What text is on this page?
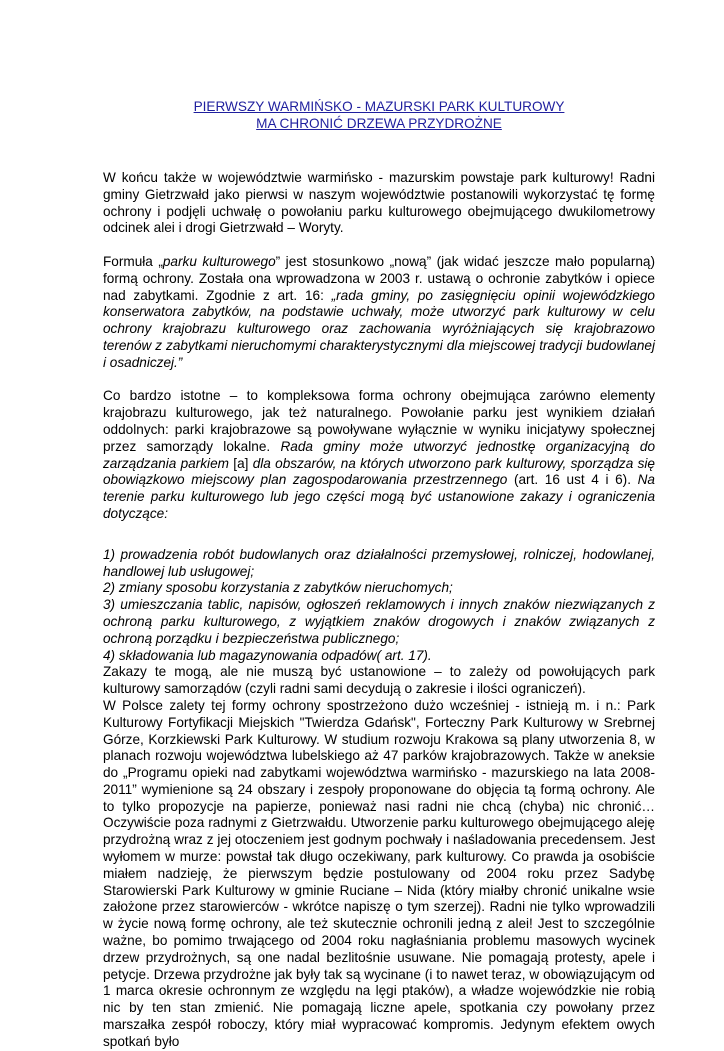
PIERWSZY WARMIŃSKO - MAZURSKI PARK KULTUROWY
MA CHRONIĆ DRZEWA PRZYDROŻNE

W końcu także w województwie warmińsko - mazurskim powstaje park kulturowy! Radni gminy Gietrzwałd jako pierwsi w naszym województwie postanowili wykorzystać tę formę ochrony i podjęli uchwałę o powołaniu parku kulturowego obejmującego dwukilometrowy odcinek alei i drogi Gietrzwałd – Woryty.

Formuła „parku kulturowego” jest stosunkowo „nową” (jak widać jeszcze mało popularną) formą ochrony. Została ona wprowadzona w 2003 r. ustawą o ochronie zabytków i opiece nad zabytkami. Zgodnie z art. 16: „rada gminy, po zasięgnięciu opinii wojewódzkiego konserwatora zabytków, na podstawie uchwały, może utworzyć park kulturowy w celu ochrony krajobrazu kulturowego oraz zachowania wyróżniających się krajobrazowo terenów z zabytkami nieruchomymi charakterystycznymi dla miejscowej tradycji budowlanej i osadniczej.”

Co bardzo istotne – to kompleksowa forma ochrony obejmująca zarówno elementy krajobrazu kulturowego, jak też naturalnego. Powołanie parku jest wynikiem działań oddolnych: parki krajobrazowe są powoływane wyłącznie w wyniku inicjatywy społecznej przez samorządy lokalne. Rada gminy może utworzyć jednostkę organizacyjną do zarządzania parkiem [a] dla obszarów, na których utworzono park kulturowy, sporządza się obowiązkowo miejscowy plan zagospodarowania przestrzennego (art. 16 ust 4 i 6). Na terenie parku kulturowego lub jego części mogą być ustanowione zakazy i ograniczenia dotyczące:

1) prowadzenia robót budowlanych oraz działalności przemysłowej, rolniczej, hodowlanej, handlowej lub usługowej;

2) zmiany sposobu korzystania z zabytków nieruchomych;

3) umieszczania tablic, napisów, ogłoszeń reklamowych i innych znaków niezwiązanych z ochroną parku kulturowego, z wyjątkiem znaków drogowych i znaków związanych z ochroną porządku i bezpieczeństwa publicznego;

4) składowania lub magazynowania odpadów( art. 17).

Zakazy te mogą, ale nie muszą być ustanowione – to zależy od powołujących park kulturowy samorządów (czyli radni sami decydują o zakresie i ilości ograniczeń).

W Polsce zalety tej formy ochrony spostrzeżono dużo wcześniej - istnieją m. i n.: Park Kulturowy Fortyfikacji Miejskich "Twierdza Gdańsk", Forteczny Park Kulturowy w Srebrnej Górze, Korzkiewski Park Kulturowy. W studium rozwoju Krakowa są plany utworzenia 8, w planach rozwoju województwa lubelskiego aż 47 parków krajobrazowych. Także w aneksie do „Programu opieki nad zabytkami województwa warmińsko - mazurskiego na lata 2008-2011” wymienione są 24 obszary i zespoły proponowane do objęcia tą formą ochrony. Ale to tylko propozycje na papierze, ponieważ nasi radni nie chcą (chyba) nic chronić… Oczywiście poza radnymi z Gietrzwałdu. Utworzenie parku kulturowego obejmującego aleję przydrożną wraz z jej otoczeniem jest godnym pochwały i naśladowania precedensem. Jest wyłomem w murze: powstał tak długo oczekiwany, park kulturowy. Co prawda ja osobiście miałem nadzieję, że pierwszym będzie postulowany od 2004 roku przez Sadybę Starowierski Park Kulturowy w gminie Ruciane – Nida (który miałby chronić unikalne wsie założone przez starowierców - wkrótce napiszę o tym szerzej). Radni nie tylko wprowadzili w życie nową formę ochrony, ale też skutecznie ochronili jedną z alei! Jest to szczególnie ważne, bo pomimo trwającego od 2004 roku nagłaśniania problemu masowych wycinek drzew przydrożnych, są one nadal bezlitośnie usuwane. Nie pomagają protesty, apele i petycje. Drzewa przydrożne jak były tak są wycinane (i to nawet teraz, w obowiązującym od 1 marca okresie ochronnym ze względu na lęgi ptaków), a władze wojewódzkie nie robią nic by ten stan zmienić. Nie pomagają liczne apele, spotkania czy powołany przez marszałka zespół roboczy, który miał wypracować kompromis. Jedynym efektem owych spotkań było
